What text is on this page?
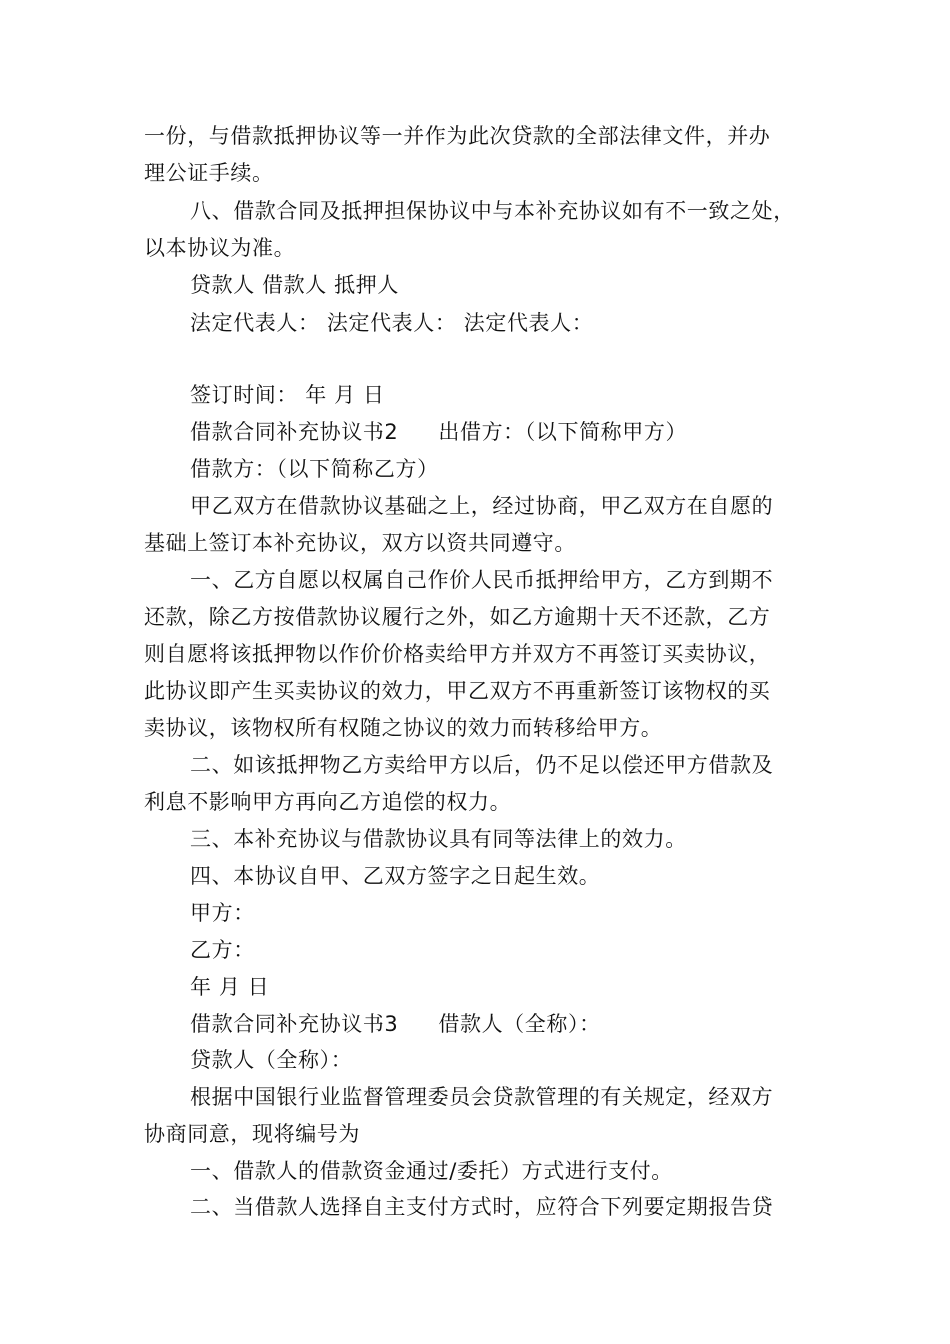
一份，与借款抵押协议等一并作为此次贷款的全部法律文件，并办
理公证手续。
八、借款合同及抵押担保协议中与本补充协议如有不一致之处，
以本协议为准。
贷款人 借款人 抵押人
法定代表人： 法定代表人： 法定代表人：
签订时间： 年 月 日
借款合同补充协议书2 出借方：（以下简称甲方）
借款方：（以下简称乙方）
甲乙双方在借款协议基础之上，经过协商，甲乙双方在自愿的
基础上签订本补充协议，双方以资共同遵守。
一、乙方自愿以权属自己作价人民币抵押给甲方，乙方到期不
还款，除乙方按借款协议履行之外，如乙方逾期十天不还款，乙方
则自愿将该抵押物以作价价格卖给甲方并双方不再签订买卖协议，
此协议即产生买卖协议的效力，甲乙双方不再重新签订该物权的买
卖协议，该物权所有权随之协议的效力而转移给甲方。
二、如该抵押物乙方卖给甲方以后，仍不足以偿还甲方借款及
利息不影响甲方再向乙方追偿的权力。
三、本补充协议与借款协议具有同等法律上的效力。
四、本协议自甲、乙双方签字之日起生效。
甲方：
乙方：
年 月 日
借款合同补充协议书3 借款人（全称）：
贷款人（全称）：
根据中国银行业监督管理委员会贷款管理的有关规定，经双方
协商同意，现将编号为
一、借款人的借款资金通过/委托）方式进行支付。
二、当借款人选择自主支付方式时，应符合下列要定期报告贷
